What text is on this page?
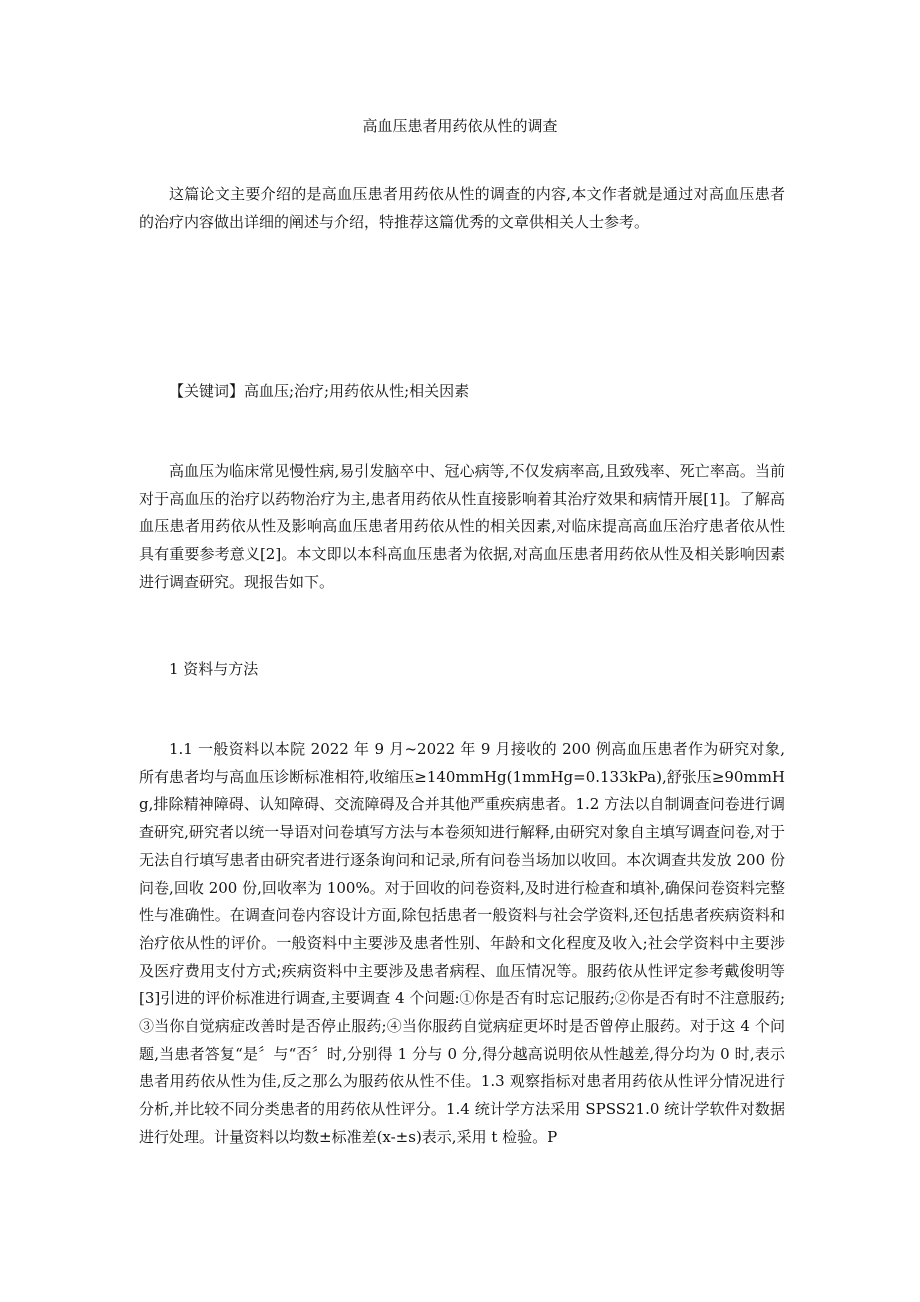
高血压患者用药依从性的调查

这篇论文主要介绍的是高血压患者用药依从性的调查的内容,本文作者就是通过对高血压患者的治疗内容做出详细的阐述与介绍，特推荐这篇优秀的文章供相关人士参考。

【关键词】高血压;治疗;用药依从性;相关因素

高血压为临床常见慢性病,易引发脑卒中、冠心病等,不仅发病率高,且致残率、死亡率高。当前对于高血压的治疗以药物治疗为主,患者用药依从性直接影响着其治疗效果和病情开展[1]。了解高血压患者用药依从性及影响高血压患者用药依从性的相关因素,对临床提高高血压治疗患者依从性具有重要参考意义[2]。本文即以本科高血压患者为依据,对高血压患者用药依从性及相关影响因素进行调查研究。现报告如下。

1 资料与方法

1.1 一般资料以本院 2022 年 9 月~2022 年 9 月接收的 200 例高血压患者作为研究对象,所有患者均与高血压诊断标准相符,收缩压≥140mmHg(1mmHg=0.133kPa),舒张压≥90mmHg,排除精神障碍、认知障碍、交流障碍及合并其他严重疾病患者。1.2 方法以自制调查问卷进行调查研究,研究者以统一导语对问卷填写方法与本卷须知进行解释,由研究对象自主填写调查问卷,对于无法自行填写患者由研究者进行逐条询问和记录,所有问卷当场加以收回。本次调查共发放 200 份问卷,回收 200 份,回收率为 100%。对于回收的问卷资料,及时进行检查和填补,确保问卷资料完整性与准确性。在调查问卷内容设计方面,除包括患者一般资料与社会学资料,还包括患者疾病资料和治疗依从性的评价。一般资料中主要涉及患者性别、年龄和文化程度及收入;社会学资料中主要涉及医疗费用支付方式;疾病资料中主要涉及患者病程、血压情况等。服药依从性评定参考戴俊明等[3]引进的评价标准进行调查,主要调查 4 个问题:①你是否有时忘记服药;②你是否有时不注意服药;③当你自觉病症改善时是否停止服药;④当你服药自觉病症更坏时是否曾停止服药。对于这 4 个问题,当患者答复“是〞与“否〞时,分别得 1 分与 0 分,得分越高说明依从性越差,得分均为 0 时,表示患者用药依从性为佳,反之那么为服药依从性不佳。1.3 观察指标对患者用药依从性评分情况进行分析,并比较不同分类患者的用药依从性评分。1.4 统计学方法采用 SPSS21.0 统计学软件对数据进行处理。计量资料以均数±标准差(x-±s)表示,采用 t 检验。P
